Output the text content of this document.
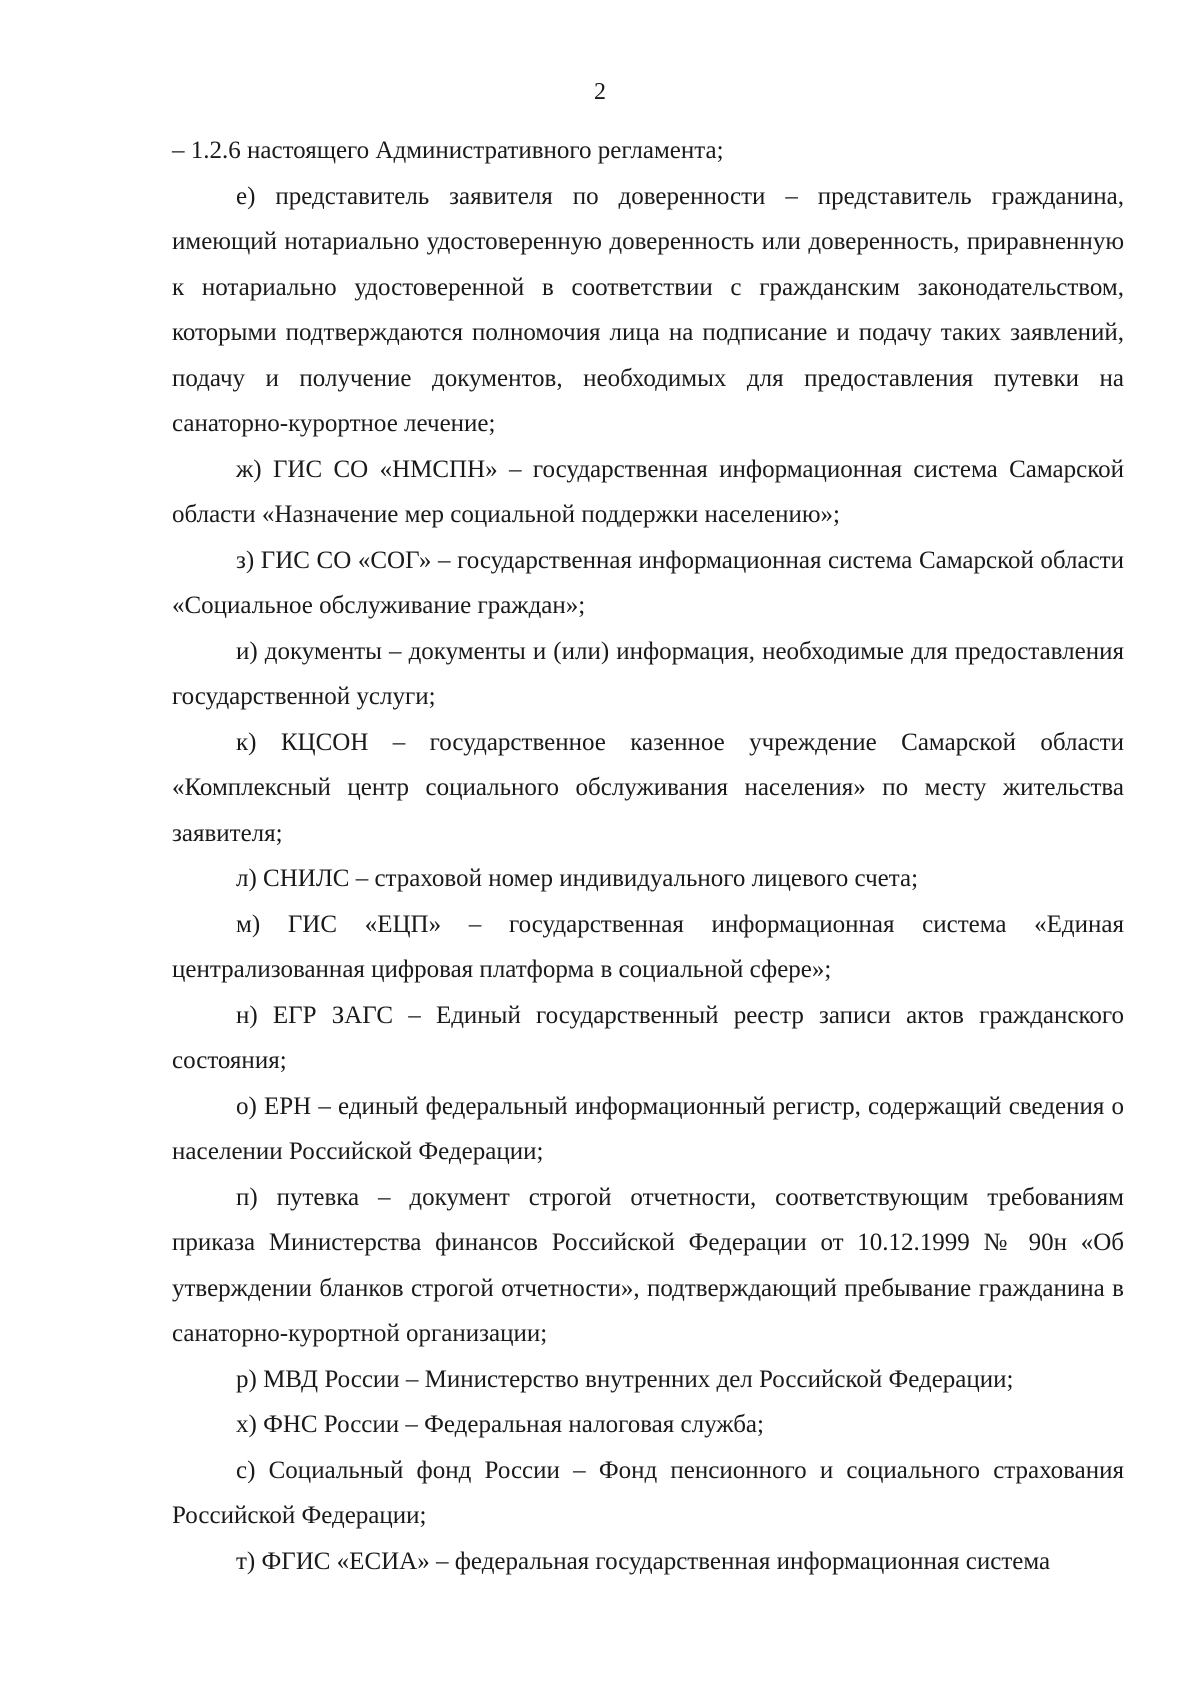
2

– 1.2.6 настоящего Административного регламента;

е) представитель заявителя по доверенности – представитель гражданина, имеющий нотариально удостоверенную доверенность или доверенность, приравненную к нотариально удостоверенной в соответствии с гражданским законодательством, которыми подтверждаются полномочия лица на подписание и подачу таких заявлений, подачу и получение документов, необходимых для предоставления путевки на санаторно-курортное лечение;

ж) ГИС СО «НМСПН» – государственная информационная система Самарской области «Назначение мер социальной поддержки населению»;

з) ГИС СО «СОГ» – государственная информационная система Самарской области «Социальное обслуживание граждан»;

и) документы – документы и (или) информация, необходимые для предоставления государственной услуги;

к) КЦСОН – государственное казенное учреждение Самарской области «Комплексный центр социального обслуживания населения» по месту жительства заявителя;

л) СНИЛС – страховой номер индивидуального лицевого счета;

м) ГИС «ЕЦП» – государственная информационная система «Единая централизованная цифровая платформа в социальной сфере»;

н) ЕГР ЗАГС – Единый государственный реестр записи актов гражданского состояния;

о) ЕРН – единый федеральный информационный регистр, содержащий сведения о населении Российской Федерации;

п) путевка – документ строгой отчетности, соответствующим требованиям приказа Министерства финансов Российской Федерации от 10.12.1999 № 90н «Об утверждении бланков строгой отчетности», подтверждающий пребывание гражданина в санаторно-курортной организации;

р) МВД России – Министерство внутренних дел Российской Федерации;

х) ФНС России – Федеральная налоговая служба;

с) Социальный фонд России – Фонд пенсионного и социального страхования Российской Федерации;

т) ФГИС «ЕСИА» – федеральная государственная информационная система
